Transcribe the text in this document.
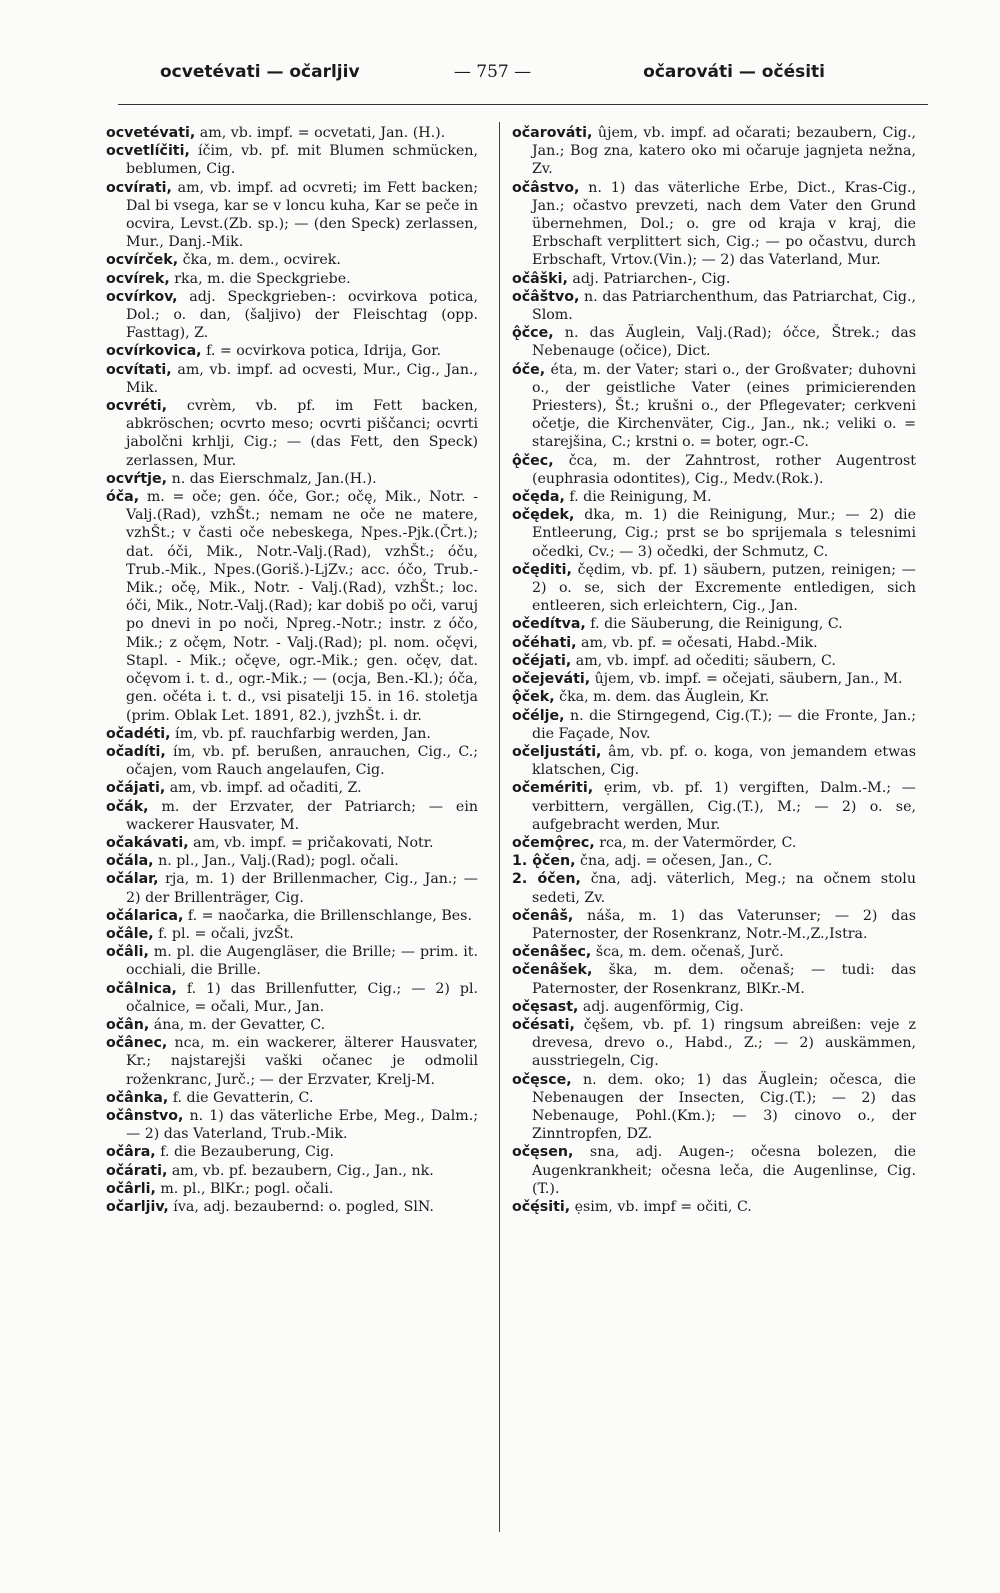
ocvetévati — očarljiv	— 757 —	očarováti — očésiti

ocvetévati, am, vb. impf. = ocvetati, Jan. (H.).

ocvetlíčiti, íčim, vb. pf. mit Blumen schmücken, beblumen, Cig.

ocvírati, am, vb. impf. ad ocvreti; im Fett backen; Dal bi vsega, kar se v loncu kuha, Kar se peče in ocvira, Levst.(Zb. sp.); — (den Speck) zerlassen, Mur., Danj.-Mik.

ocvírček, čka, m. dem., ocvirek.

ocvírek, rka, m. die Speckgriebe.

ocvírkov, adj. Speckgrieben-: ocvirkova potica, Dol.; o. dan, (šaljivo) der Fleischtag (opp. Fasttag), Z.

ocvírkovica, f. = ocvirkova potica, Idrija, Gor.

ocvítati, am, vb. impf. ad ocvesti, Mur., Cig., Jan., Mik.

ocvréti, cvrèm, vb. pf. im Fett backen, abkröschen; ocvrto meso; ocvrti piščanci; ocvrti jabolčni krhlji, Cig.; — (das Fett, den Speck) zerlassen, Mur.

ocvŕtje, n. das Eierschmalz, Jan.(H.).

óča, m. = oče; gen. óče, Gor.; očę, Mik., Notr. - Valj.(Rad), vzhŠt.; nemam ne oče ne matere, vzhŠt.; v časti oče nebeskega, Npes.-Pjk.(Črt.); dat. óči, Mik., Notr.-Valj.(Rad), vzhŠt.; óču, Trub.-Mik., Npes.(Goriš.)-LjZv.; acc. óčo, Trub.-Mik.; očę, Mik., Notr. - Valj.(Rad), vzhŠt.; loc. óči, Mik., Notr.-Valj.(Rad); kar dobiš po oči, varuj po dnevi in po noči, Npreg.-Notr.; instr. z óčo, Mik.; z očęm, Notr. - Valj.(Rad); pl. nom. očęvi, Stapl. - Mik.; očęve, ogr.-Mik.; gen. očęv, dat. očęvom i. t. d., ogr.-Mik.; — (ocja, Ben.-Kl.); óča, gen. očéta i. t. d., vsi pisatelji 15. in 16. stoletja (prim. Oblak Let. 1891, 82.), jvzhŠt. i. dr.

očadéti, ím, vb. pf. rauchfarbig werden, Jan.

očadíti, ím, vb. pf. berußen, anrauchen, Cig., C.; očajen, vom Rauch angelaufen, Cig.

očájati, am, vb. impf. ad očaditi, Z.

očák, m. der Erzvater, der Patriarch; — ein wackerer Hausvater, M.

očakávati, am, vb. impf. = pričakovati, Notr.

očála, n. pl., Jan., Valj.(Rad); pogl. očali.

očálar, rja, m. 1) der Brillenmacher, Cig., Jan.; — 2) der Brillenträger, Cig.

očálarica, f. = naočarka, die Brillenschlange, Bes.

očâle, f. pl. = očali, jvzŠt.

očâli, m. pl. die Augengläser, die Brille; — prim. it. occhiali, die Brille.

očâlnica, f. 1) das Brillenfutter, Cig.; — 2) pl. očalnice, = očali, Mur., Jan.

očân, ána, m. der Gevatter, C.

očânec, nca, m. ein wackerer, älterer Hausvater, Kr.; najstarejši vaški očanec je odmolil roženkranc, Jurč.; — der Erzvater, Krelj-M.

očânka, f. die Gevatterin, C.

očânstvo, n. 1) das väterliche Erbe, Meg., Dalm.; — 2) das Vaterland, Trub.-Mik.

očâra, f. die Bezauberung, Cig.

očárati, am, vb. pf. bezaubern, Cig., Jan., nk.

očârli, m. pl., BlKr.; pogl. očali.

očarljiv, íva, adj. bezaubernd: o. pogled, SlN.

očarováti, ûjem, vb. impf. ad očarati; bezaubern, Cig., Jan.; Bog zna, katero oko mi očaruje jagnjeta nežna, Zv.

očâstvo, n. 1) das väterliche Erbe, Dict., Kras-Cig., Jan.; očastvo prevzeti, nach dem Vater den Grund übernehmen, Dol.; o. gre od kraja v kraj, die Erbschaft verplittert sich, Cig.; — po očastvu, durch Erbschaft, Vrtov.(Vin.); — 2) das Vaterland, Mur.

očâški, adj. Patriarchen-, Cig.

očâštvo, n. das Patriarchenthum, das Patriarchat, Cig., Slom.

ǫ̂čce, n. das Äuglein, Valj.(Rad); óčce, Štrek.; das Nebenauge (očice), Dict.

óče, éta, m. der Vater; stari o., der Großvater; duhovni o., der geistliche Vater (eines primicierenden Priesters), Št.; krušni o., der Pflegevater; cerkveni očetje, die Kirchenväter, Cig., Jan., nk.; veliki o. = starejšina, C.; krstni o. = boter, ogr.-C.

ǫ̂čec, čca, m. der Zahntrost, rother Augentrost (euphrasia odontites), Cig., Medv.(Rok.).

očęda, f. die Reinigung, M.

očędek, dka, m. 1) die Reinigung, Mur.; — 2) die Entleerung, Cig.; prst se bo sprijemala s telesnimi očedki, Cv.; — 3) očedki, der Schmutz, C.

očęditi, čędim, vb. pf. 1) säubern, putzen, reinigen; — 2) o. se, sich der Excremente entledigen, sich entleeren, sich erleichtern, Cig., Jan.

očedítva, f. die Säuberung, die Reinigung, C.

očéhati, am, vb. pf. = očesati, Habd.-Mik.

očéjati, am, vb. impf. ad očediti; säubern, C.

očejeváti, ûjem, vb. impf. = očejati, säubern, Jan., M.

ǫ̂ček, čka, m. dem. das Äuglein, Kr.

očélje, n. die Stirngegend, Cig.(T.); — die Fronte, Jan.; die Façade, Nov.

očeljustáti, âm, vb. pf. o. koga, von jemandem etwas klatschen, Cig.

očemériti, ẹrim, vb. pf. 1) vergiften, Dalm.-M.; — verbittern, vergällen, Cig.(T.), M.; — 2) o. se, aufgebracht werden, Mur.

očemǫ̂rec, rca, m. der Vatermörder, C.

1. ǫ̂čen, čna, adj. = očesen, Jan., C.

2. óčen, čna, adj. väterlich, Meg.; na očnem stolu sedeti, Zv.

očenâš, náša, m. 1) das Vaterunser; — 2) das Paternoster, der Rosenkranz, Notr.-M.,Z.,Istra.

očenâšec, šca, m. dem. očenaš, Jurč.

očenâšek, ška, m. dem. očenaš; — tudi: das Paternoster, der Rosenkranz, BlKr.-M.

očęsast, adj. augenförmig, Cig.

očésati, čęšem, vb. pf. 1) ringsum abreißen: veje z drevesa, drevo o., Habd., Z.; — 2) auskämmen, ausstriegeln, Cig.

očęsce, n. dem. oko; 1) das Äuglein; očesca, die Nebenaugen der Insecten, Cig.(T.); — 2) das Nebenauge, Pohl.(Km.); — 3) cinovo o., der Zinntropfen, DZ.

očęsen, sna, adj. Augen-; očesna bolezen, die Augenkrankheit; očesna leča, die Augenlinse, Cig.(T.).

očę́siti, ẹsim, vb. impf = očiti, C.
